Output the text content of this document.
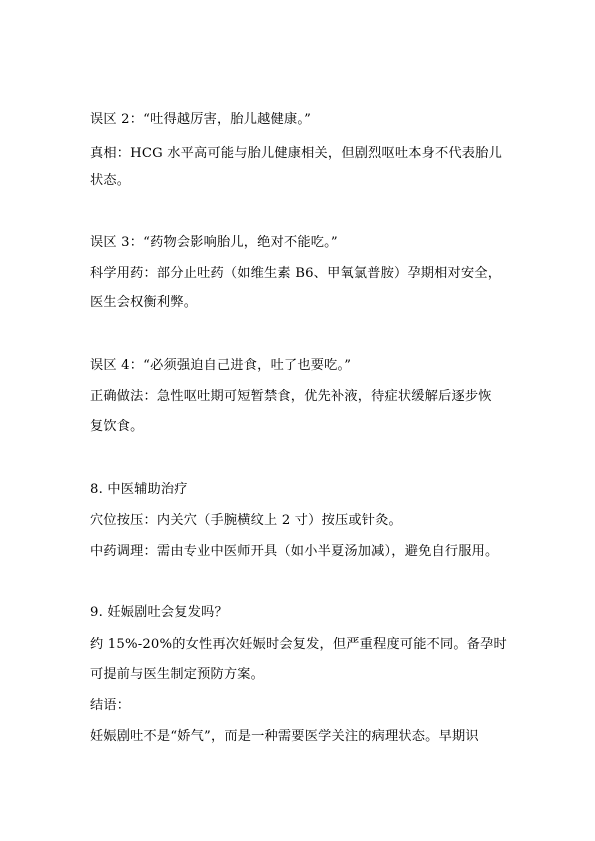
误区 2：“吐得越厉害，胎儿越健康。”
真相：HCG 水平高可能与胎儿健康相关，但剧烈呕吐本身不代表胎儿
状态。
误区 3：“药物会影响胎儿，绝对不能吃。”
科学用药：部分止吐药（如维生素 B6、甲氧氯普胺）孕期相对安全，
医生会权衡利弊。
误区 4：“必须强迫自己进食，吐了也要吃。”
正确做法：急性呕吐期可短暂禁食，优先补液，待症状缓解后逐步恢
复饮食。
8. 中医辅助治疗
穴位按压：内关穴（手腕横纹上 2 寸）按压或针灸。
中药调理：需由专业中医师开具（如小半夏汤加减），避免自行服用。
9. 妊娠剧吐会复发吗？
约 15%-20%的女性再次妊娠时会复发，但严重程度可能不同。备孕时
可提前与医生制定预防方案。
结语：
妊娠剧吐不是“娇气”，而是一种需要医学关注的病理状态。早期识
